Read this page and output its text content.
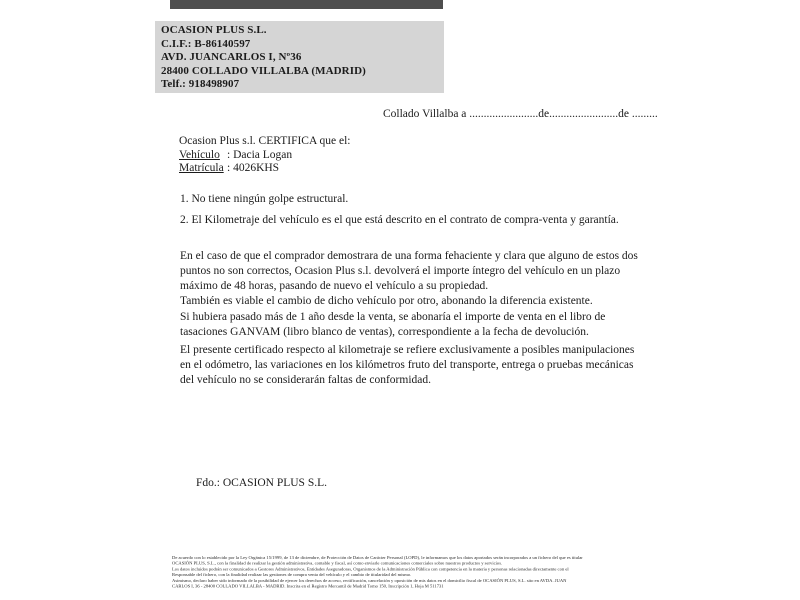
OCASION PLUS S.L.
C.I.F.: B-86140597
AVD. JUANCARLOS I, Nº36
28400 COLLADO VILLALBA (MADRID)
Telf.: 918498907
Collado Villalba a ........................de........................de .........
Ocasion Plus s.l. CERTIFICA que el:
Vehículo : Dacia Logan
Matrícula : 4026KHS
1. No tiene ningún golpe estructural.
2. El Kilometraje del vehículo es el que está descrito en el contrato de compra-venta y garantía.
En el caso de que el comprador demostrara de una forma fehaciente y clara que alguno de estos dos puntos no son correctos, Ocasion Plus s.l. devolverá el importe íntegro del vehículo en un plazo máximo de 48 horas, pasando de nuevo el vehículo a su propiedad.
También es viable el cambio de dicho vehículo por otro, abonando la diferencia existente.
Si hubiera pasado más de 1 año desde la venta, se abonaría el importe de venta en el libro de tasaciones GANVAM (libro blanco de ventas), correspondiente a la fecha de devolución.
El presente certificado respecto al kilometraje se refiere exclusivamente a posibles manipulaciones en el odómetro, las variaciones en los kilómetros fruto del transporte, entrega o pruebas mecánicas del vehículo no se considerarán faltas de conformidad.
Fdo.: OCASION PLUS S.L.
De acuerdo con lo establecido por la Ley Orgánica 15/1999, de 13 de diciembre, de Protección de Datos de Carácter Personal (LOPD), le informamos que los datos aportados serán incorporados a un fichero del que es titular
OCASIÓN PLUS, S.L., con la finalidad de realizar la gestión administrativa, contable y fiscal, así como enviarle comunicaciones comerciales sobre nuestros productos y servicios.
Los datos incluidos podrán ser comunicados a Gestores Administrativos, Entidades Aseguradoras, Organismos de la Administración Pública con competencia en la materia y personas relacionadas directamente con el
Responsable del fichero, con la finalidad realizar las gestiones de compra venta del vehículo y el cambio de titularidad del mismo.
Asimismo, declaro haber sido informado de la posibilidad de ejercer los derechos de acceso, rectificación, cancelación y oposición de mis datos en el domicilio fiscal de OCASIÓN PLUS, S.L. sito en AVDA. JUAN
CARLOS I, 36 - 28400 COLLADO VILLALBA - MADRID. Inscrita en el Registro Mercantil de Madrid Tomo 150, Inscripción 1, Hoja M 511731
